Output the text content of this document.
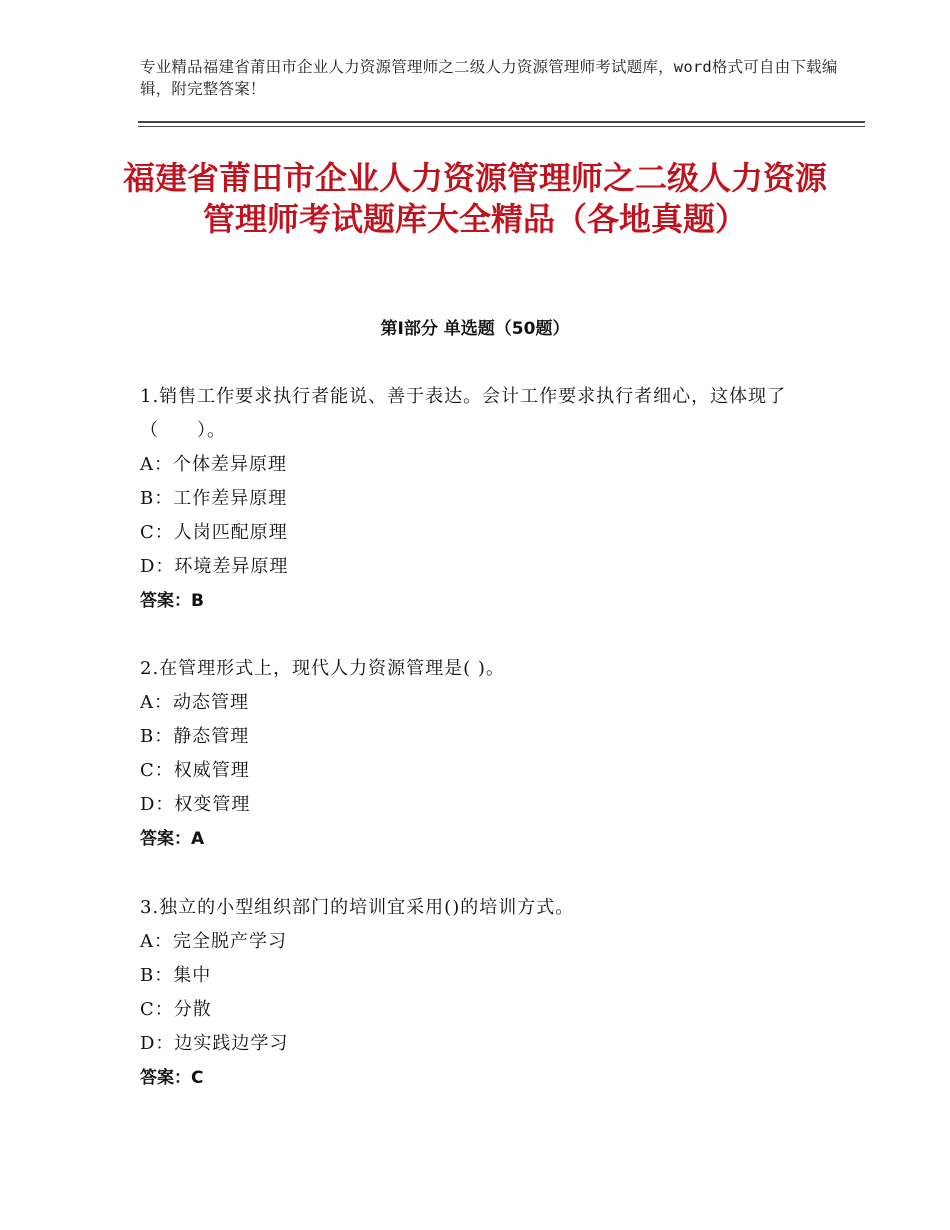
专业精品福建省莆田市企业人力资源管理师之二级人力资源管理师考试题库，word格式可自由下载编辑，附完整答案！
福建省莆田市企业人力资源管理师之二级人力资源管理师考试题库大全精品（各地真题）
第Ⅰ部分 单选题（50题）
1.销售工作要求执行者能说、善于表达。会计工作要求执行者细心，这体现了（　　）。
A：个体差异原理
B：工作差异原理
C：人岗匹配原理
D：环境差异原理
答案：B
2.在管理形式上，现代人力资源管理是( )。
A：动态管理
B：静态管理
C：权威管理
D：权变管理
答案：A
3.独立的小型组织部门的培训宜采用()的培训方式。
A：完全脱产学习
B：集中
C：分散
D：边实践边学习
答案：C
